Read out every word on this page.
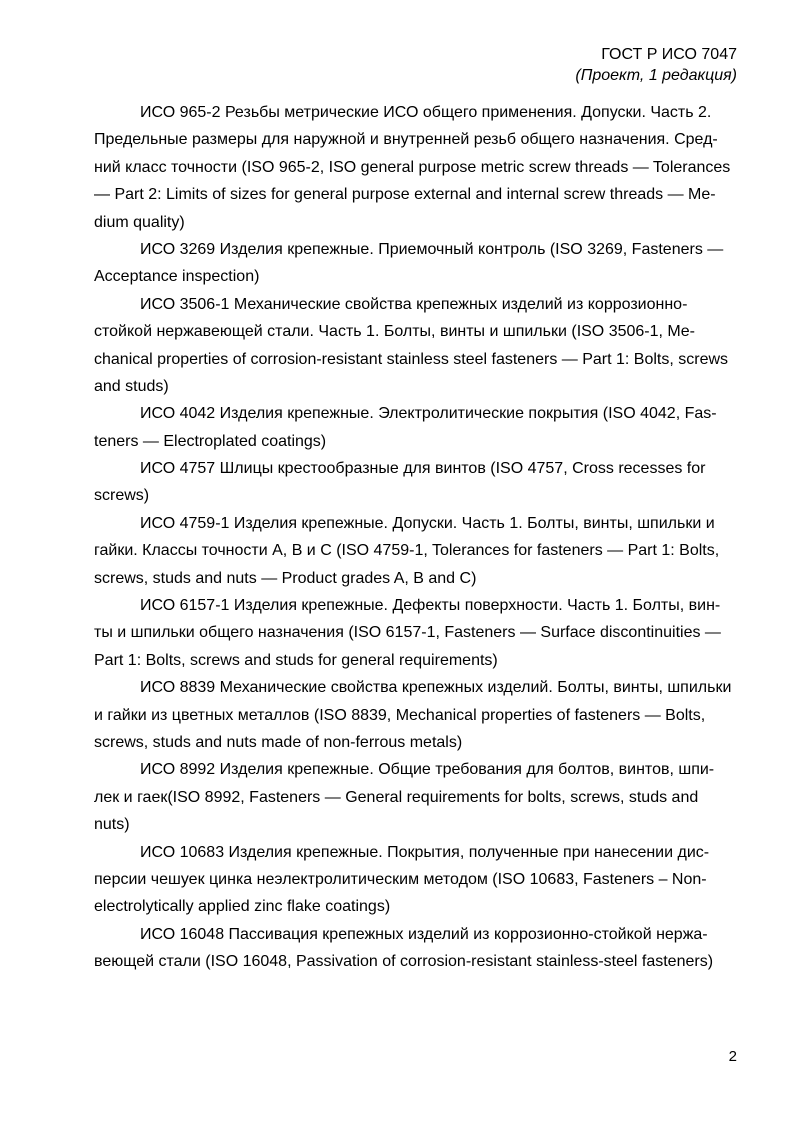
ГОСТ Р ИСО 7047
(Проект, 1 редакция)
ИСО 965-2 Резьбы метрические ИСО общего применения. Допуски. Часть 2.
Предельные размеры для наружной и внутренней резьб общего назначения. Сред-
ний класс точности (ISO 965-2, ISO general purpose metric screw threads — Tolerances
— Part 2: Limits of sizes for general purpose external and internal screw threads — Me-
dium quality)
ИСО 3269 Изделия крепежные. Приемочный контроль (ISO 3269, Fasteners —
Acceptance inspection)
ИСО 3506-1 Механические свойства крепежных изделий из коррозионно-
стойкой нержавеющей стали. Часть 1. Болты, винты и шпильки (ISO 3506-1, Me-
chanical properties of corrosion-resistant stainless steel fasteners — Part 1: Bolts, screws
and studs)
ИСО 4042 Изделия крепежные. Электролитические покрытия (ISO 4042, Fas-
teners — Electroplated coatings)
ИСО 4757 Шлицы крестообразные для винтов (ISO 4757, Cross recesses for
screws)
ИСО 4759-1 Изделия крепежные. Допуски. Часть 1. Болты, винты, шпильки и
гайки. Классы точности А, В и С (ISO 4759-1, Tolerances for fasteners — Part 1: Bolts,
screws, studs and nuts — Product grades A, B and C)
ИСО 6157-1 Изделия крепежные. Дефекты поверхности. Часть 1. Болты, вин-
ты и шпильки общего назначения (ISO 6157-1, Fasteners — Surface discontinuities —
Part 1: Bolts, screws and studs for general requirements)
ИСО 8839 Механические свойства крепежных изделий. Болты, винты, шпильки
и гайки из цветных металлов (ISO 8839, Mechanical properties of fasteners — Bolts,
screws, studs and nuts made of non-ferrous metals)
ИСО 8992 Изделия крепежные. Общие требования для болтов, винтов, шпи-
лек и гаек(ISO 8992, Fasteners — General requirements for bolts, screws, studs and
nuts)
ИСО 10683 Изделия крепежные. Покрытия, полученные при нанесении дис-
персии чешуек цинка неэлектролитическим методом (ISO 10683, Fasteners – Non-
electrolytically applied zinc flake coatings)
ИСО 16048 Пассивация крепежных изделий из коррозионно-стойкой нержа-
веющей стали (ISO 16048, Passivation of corrosion-resistant stainless-steel fasteners)
2
